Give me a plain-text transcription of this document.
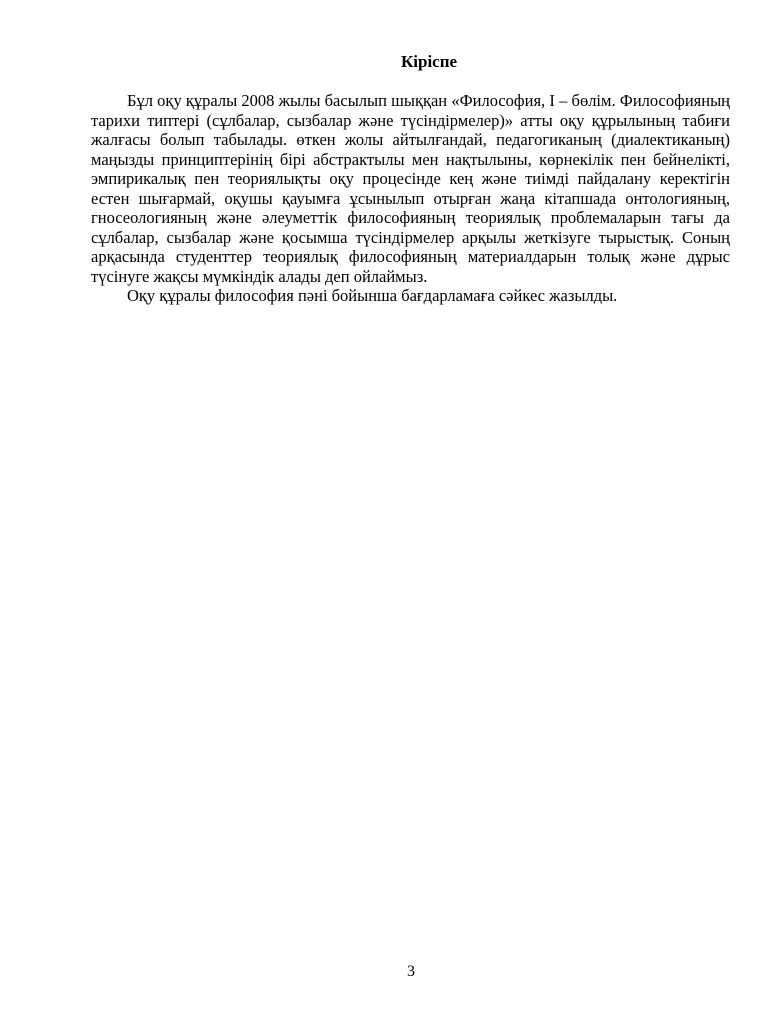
Кіріспе

Бұл оқу құралы 2008 жылы басылып шыққан «Философия, I – бөлім. Философияның тарихи типтері (сұлбалар, сызбалар және түсіндірмелер)» атты оқу құрылының табиғи жалғасы болып табылады. өткен жолы айтылғандай, педагогиканың (диалектиканың) маңызды принциптерінің бірі абстрактылы мен нақтылыны, көрнекілік пен бейнелікті, эмпирикалық пен теориялықты оқу процесінде кең және тиімді пайдалану керектігін естен шығармай, оқушы қауымға ұсынылып отырған жаңа кітапшада онтологияның, гносеологияның және әлеуметтік философияның теориялық проблемаларын тағы да сұлбалар, сызбалар және қосымша түсіндірмелер арқылы жеткізуге тырыстық. Соның арқасында студенттер теориялық философияның материалдарын толық және дұрыс түсінуге жақсы мүмкіндік алады деп ойлаймыз.

Оқу құралы философия пәні бойынша бағдарламаға сәйкес жазылды.

3
